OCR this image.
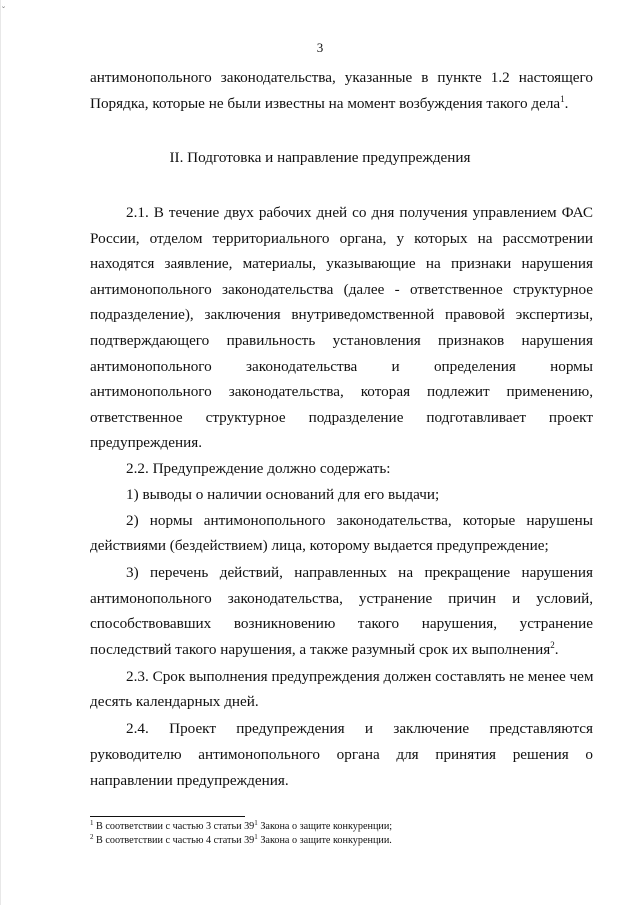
˘
3
антимонопольного законодательства, указанные в пункте 1.2 настоящего
Порядка, которые не были известны на момент возбуждения такого дела$^1$.
II. Подготовка и направление предупреждения
2.1. В течение двух рабочих дней со дня получения управлением ФАС
России, отделом территориального органа, у которых на рассмотрении
находятся заявление, материалы, указывающие на признаки нарушения
антимонопольного законодательства (далее - ответственное структурное
подразделение), заключения внутриведомственной правовой экспертизы,
подтверждающего правильность установления признаков нарушения
антимонопольного законодательства и определения нормы
антимонопольного законодательства, которая подлежит применению,
ответственное структурное подразделение подготавливает проект
предупреждения.
2.2. Предупреждение должно содержать:
1) выводы о наличии оснований для его выдачи;
2) нормы антимонопольного законодательства, которые нарушены
действиями (бездействием) лица, которому выдается предупреждение;
3) перечень действий, направленных на прекращение нарушения
антимонопольного законодательства, устранение причин и условий,
способствовавших возникновению такого нарушения, устранение
последствий такого нарушения, а также разумный срок их выполнения$^2$.
2.3. Срок выполнения предупреждения должен составлять не менее чем
десять календарных дней.
2.4. Проект предупреждения и заключение представляются
руководителю антимонопольного органа для принятия решения о
направлении предупреждения.
$^1$ В соответствии с частью 3 статьи $39^1$ Закона о защите конкуренции;
$^2$ В соответствии с частью 4 статьи $39^1$ Закона о защите конкуренции.
